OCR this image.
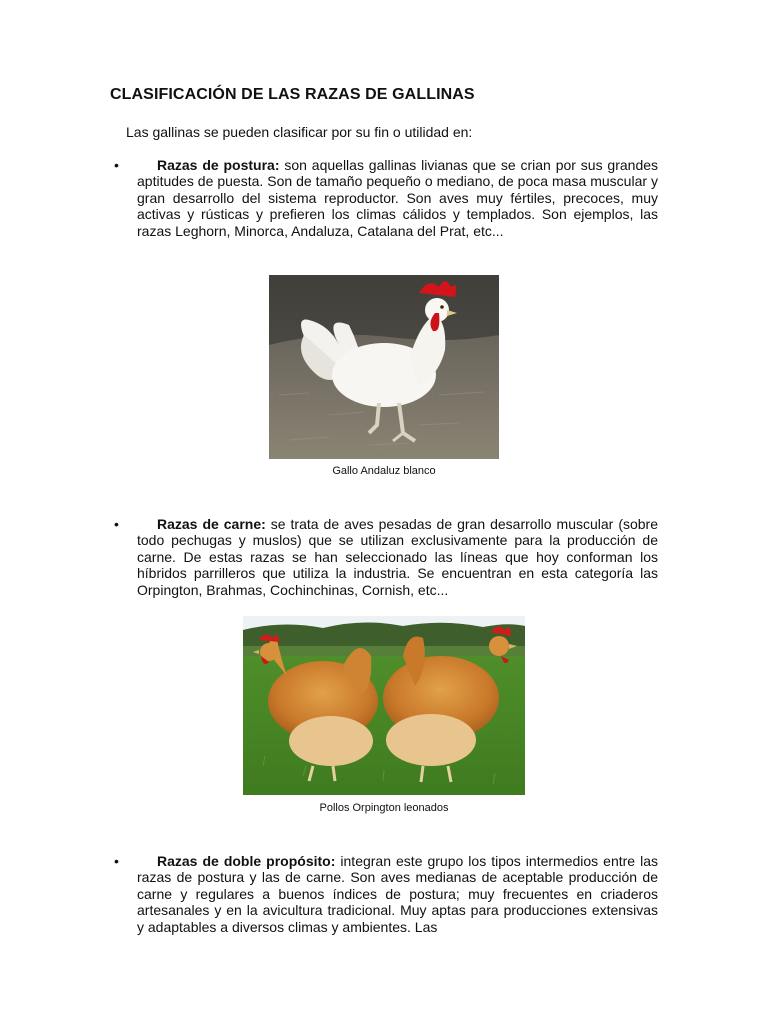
CLASIFICACIÓN DE LAS RAZAS DE GALLINAS

Las gallinas se pueden clasificar por su fin o utilidad en:

•	Razas de postura: son aquellas gallinas livianas que se crian por sus grandes aptitudes de puesta. Son de tamaño pequeño o mediano, de poca masa muscular y gran desarrollo del sistema reproductor. Son aves muy fértiles, precoces, muy activas y rústicas y prefieren los climas cálidos y templados. Son ejemplos, las razas Leghorn, Minorca, Andaluza, Catalana del Prat, etc...

Gallo Andaluz blanco

•	Razas de carne: se trata de aves pesadas de gran desarrollo muscular (sobre todo pechugas y muslos) que se utilizan exclusivamente para la producción de carne. De estas razas se han seleccionado las líneas que hoy conforman los híbridos parrilleros que utiliza la industria. Se encuentran en esta categoría las Orpington, Brahmas, Cochinchinas, Cornish, etc...

Pollos Orpington leonados

•	Razas de doble propósito: integran este grupo los tipos intermedios entre las razas de postura y las de carne. Son aves medianas de aceptable producción de carne y regulares a buenos índices de postura; muy frecuentes en criaderos artesanales y en la avicultura tradicional. Muy aptas para producciones extensivas y adaptables a diversos climas y ambientes. Las
